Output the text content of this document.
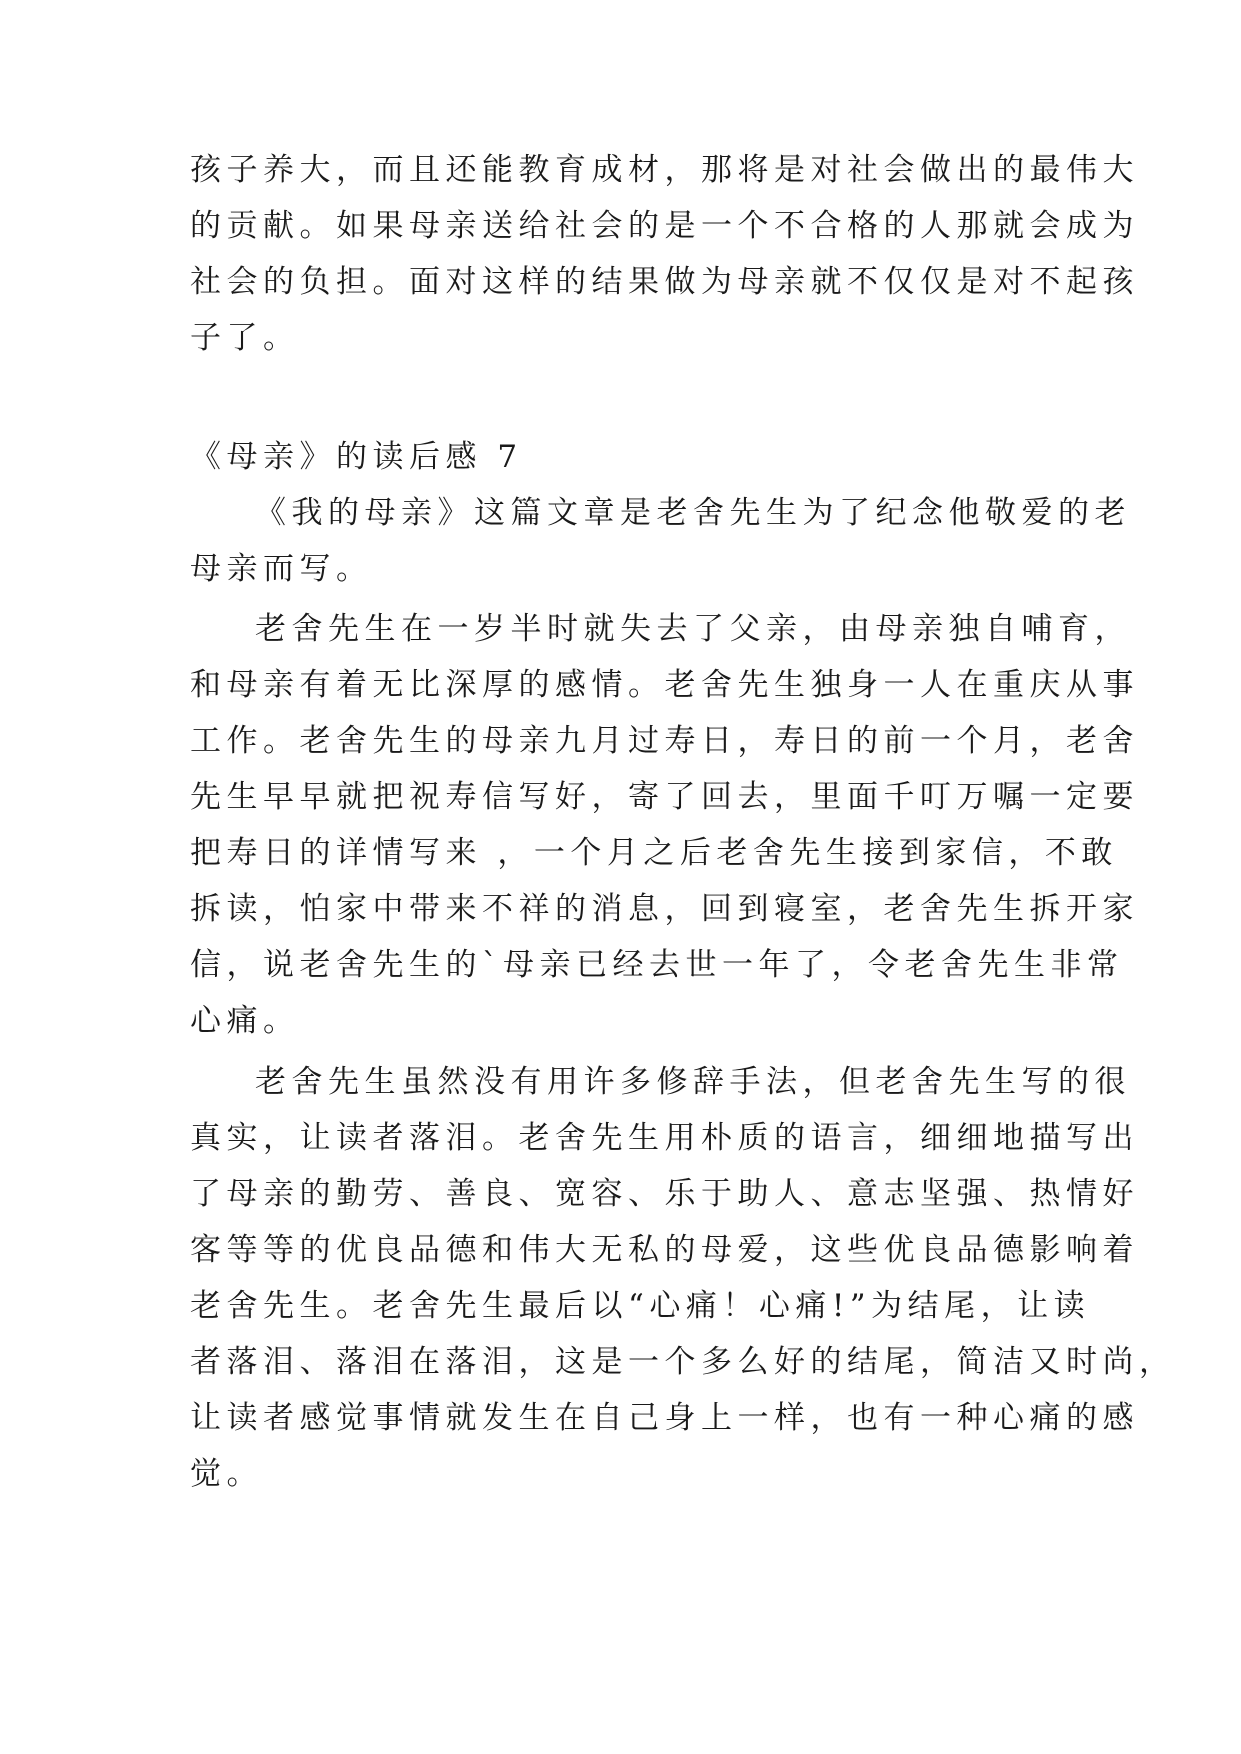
孩子养大，而且还能教育成材，那将是对社会做出的最伟大
的贡献。如果母亲送给社会的是一个不合格的人那就会成为
社会的负担。面对这样的结果做为母亲就不仅仅是对不起孩
子了。
《母亲》的读后感 7
《我的母亲》这篇文章是老舍先生为了纪念他敬爱的老
母亲而写。
老舍先生在一岁半时就失去了父亲，由母亲独自哺育，
和母亲有着无比深厚的感情。老舍先生独身一人在重庆从事
工作。老舍先生的母亲九月过寿日，寿日的前一个月，老舍
先生早早就把祝寿信写好，寄了回去，里面千叮万嘱一定要
把寿日的详情写来 ，一个月之后老舍先生接到家信，不敢
拆读，怕家中带来不祥的消息，回到寝室，老舍先生拆开家
信，说老舍先生的`母亲已经去世一年了，令老舍先生非常
心痛。
老舍先生虽然没有用许多修辞手法，但老舍先生写的很
真实，让读者落泪。老舍先生用朴质的语言，细细地描写出
了母亲的勤劳、善良、宽容、乐于助人、意志坚强、热情好
客等等的优良品德和伟大无私的母爱，这些优良品德影响着
老舍先生。老舍先生最后以“心痛！心痛!”为结尾，让读
者落泪、落泪在落泪，这是一个多么好的结尾，简洁又时尚，
让读者感觉事情就发生在自己身上一样，也有一种心痛的感
觉。
